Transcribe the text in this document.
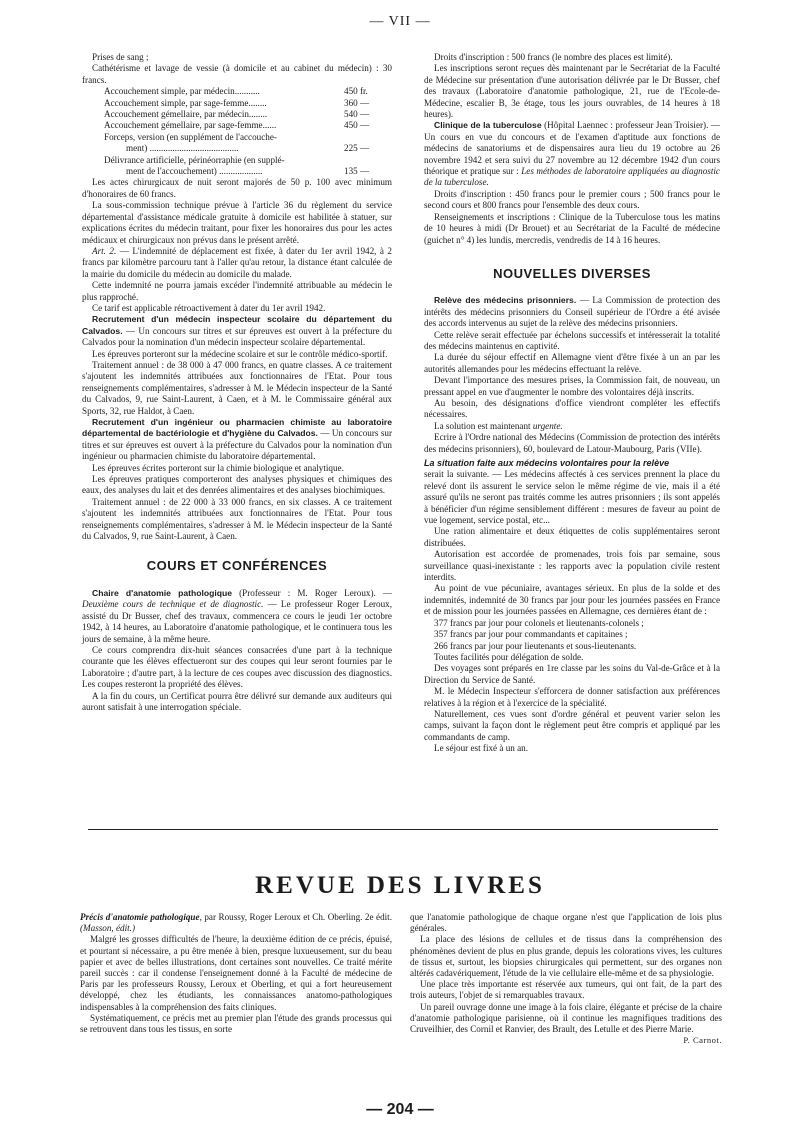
— VII —

Prises de sang ;

Cathétérisme et lavage de vessie (à domicile et au cabinet du médecin) : 30 francs.

Accouchement simple, par médecin...........	450 fr.
Accouchement simple, par sage-femme........	360 —
Accouchement gémellaire, par médecin........	540 —
Accouchement gémellaire, par sage-femme......	450 —
Forceps, version (en supplément de l'accouche-
ment) .......................................	225 —
Délivrance artificielle, périnéorraphie (en supplé-
ment de l'accouchement) ...................	135 —

Les actes chirurgicaux de nuit seront majorés de 50 p. 100 avec minimum d'honoraires de 60 francs.

La sous-commission technique prévue à l'article 36 du règlement du service départemental d'assistance médicale gratuite à domicile est habilitée à statuer, sur explications écrites du médecin traitant, pour fixer les honoraires dus pour les actes médicaux et chirurgicaux non prévus dans le présent arrêté.

Art. 2. — L'indemnité de déplacement est fixée, à dater du 1er avril 1942, à 2 francs par kilomètre parcouru tant à l'aller qu'au retour, la distance étant calculée de la mairie du domicile du médecin au domicile du malade.

Cette indemnité ne pourra jamais excéder l'indemnité attribuable au médecin le plus rapproché.

Ce tarif est applicable rétroactivement à dater du 1er avril 1942.

Recrutement d'un médecin inspecteur scolaire du département du Calvados. — Un concours sur titres et sur épreuves est ouvert à la préfecture du Calvados pour la nomination d'un médecin inspecteur scolaire départemental.

Les épreuves porteront sur la médecine scolaire et sur le contrôle médico-sportif.

Traitement annuel : de 38 000 à 47 000 francs, en quatre classes. A ce traitement s'ajoutent les indemnités attribuées aux fonctionnaires de l'Etat. Pour tous renseignements complémentaires, s'adresser à M. le Médecin inspecteur de la Santé du Calvados, 9, rue Saint-Laurent, à Caen, et à M. le Commissaire général aux Sports, 32, rue Haldot, à Caen.

Recrutement d'un ingénieur ou pharmacien chimiste au laboratoire départemental de bactériologie et d'hygiène du Calvados. — Un concours sur titres et sur épreuves est ouvert à la préfecture du Calvados pour la nomination d'un ingénieur ou pharmacien chimiste du laboratoire départemental.

Les épreuves écrites porteront sur la chimie biologique et analytique.

Les épreuves pratiques comporteront des analyses physiques et chimiques des eaux, des analyses du lait et des denrées alimentaires et des analyses biochimiques.

Traitement annuel : de 22 000 à 33 000 francs, en six classes. A ce traitement s'ajoutent les indemnités attribuées aux fonctionnaires de l'Etat. Pour tous renseignements complémentaires, s'adresser à M. le Médecin inspecteur de la Santé du Calvados, 9, rue Saint-Laurent, à Caen.

COURS ET CONFÉRENCES

Chaire d'anatomie pathologique (Professeur : M. Roger Leroux). — Deuxième cours de technique et de diagnostic. — Le professeur Roger Leroux, assisté du Dr Busser, chef des travaux, commencera ce cours le jeudi 1er octobre 1942, à 14 heures, au Laboratoire d'anatomie pathologique, et le continuera tous les jours de semaine, à la même heure.

Ce cours comprendra dix-huit séances consacrées d'une part à la technique courante que les élèves effectueront sur des coupes qui leur seront fournies par le Laboratoire ; d'autre part, à la lecture de ces coupes avec discussion des diagnostics. Les coupes resteront la propriété des élèves.

A la fin du cours, un Certificat pourra être délivré sur demande aux auditeurs qui auront satisfait à une interrogation spéciale.

Droits d'inscription : 500 francs (le nombre des places est limité).

Les inscriptions seront reçues dès maintenant par le Secrétariat de la Faculté de Médecine sur présentation d'une autorisation délivrée par le Dr Busser, chef des travaux (Laboratoire d'anatomie pathologique, 21, rue de l'Ecole-de-Médecine, escalier B, 3e étage, tous les jours ouvrables, de 14 heures à 18 heures).

Clinique de la tuberculose (Hôpital Laennec : professeur Jean Troisier). — Un cours en vue du concours et de l'examen d'aptitude aux fonctions de médecins de sanatoriums et de dispensaires aura lieu du 19 octobre au 26 novembre 1942 et sera suivi du 27 novembre au 12 décembre 1942 d'un cours théorique et pratique sur : Les méthodes de laboratoire appliquées au diagnostic de la tuberculose.

Droits d'inscription : 450 francs pour le premier cours ; 500 francs pour le second cours et 800 francs pour l'ensemble des deux cours.

Renseignements et inscriptions : Clinique de la Tuberculose tous les matins de 10 heures à midi (Dr Brouet) et au Secrétariat de la Faculté de médecine (guichet n° 4) les lundis, mercredis, vendredis de 14 à 16 heures.

NOUVELLES DIVERSES

Relève des médecins prisonniers. — La Commission de protection des intérêts des médecins prisonniers du Conseil supérieur de l'Ordre a été avisée des accords intervenus au sujet de la relève des médecins prisonniers.

Cette relève serait effectuée par échelons successifs et intéresserait la totalité des médecins maintenus en captivité.

La durée du séjour effectif en Allemagne vient d'être fixée à un an par les autorités allemandes pour les médecins effectuant la relève.

Devant l'importance des mesures prises, la Commission fait, de nouveau, un pressant appel en vue d'augmenter le nombre des volontaires déjà inscrits.

Au besoin, des désignations d'office viendront compléter les effectifs nécessaires.

La solution est maintenant urgente.

Ecrire à l'Ordre national des Médecins (Commission de protection des intérêts des médecins prisonniers), 60, boulevard de Latour-Maubourg, Paris (VIIe).

La situation faite aux médecins volontaires pour la relève

serait la suivante. — Les médecins affectés à ces services prennent la place du relevé dont ils assurent le service selon le même régime de vie, mais il a été assuré qu'ils ne seront pas traités comme les autres prisonniers ; ils sont appelés à bénéficier d'un régime sensiblement différent : mesures de faveur au point de vue logement, service postal, etc...

Une ration alimentaire et deux étiquettes de colis supplémentaires seront distribuées.

Autorisation est accordée de promenades, trois fois par semaine, sous surveillance quasi-inexistante : les rapports avec la population civile restent interdits.

Au point de vue pécuniaire, avantages sérieux. En plus de la solde et des indemnités, indemnité de 30 francs par jour pour les journées passées en France et de mission pour les journées passées en Allemagne, ces dernières étant de :

377 francs par jour pour colonels et lieutenants-colonels ;

357 francs par jour pour commandants et capitaines ;

266 francs par jour pour lieutenants et sous-lieutenants.

Toutes facilités pour délégation de solde.

Des voyages sont préparés en 1re classe par les soins du Val-de-Grâce et à la Direction du Service de Santé.

M. le Médecin Inspecteur s'efforcera de donner satisfaction aux préférences relatives à la région et à l'exercice de la spécialité.

Naturellement, ces vues sont d'ordre général et peuvent varier selon les camps, suivant la façon dont le règlement peut être compris et appliqué par les commandants de camp.

Le séjour est fixé à un an.

REVUE DES LIVRES

Précis d'anatomie pathologique, par Roussy, Roger Leroux et Ch. Oberling. 2e édit. (Masson, édit.)

Malgré les grosses difficultés de l'heure, la deuxième édition de ce précis, épuisé, et pourtant si nécessaire, a pu être menée à bien, presque luxueusement, sur du beau papier et avec de belles illustrations, dont certaines sont nouvelles. Ce traité mérite pareil succès : car il condense l'enseignement donné à la Faculté de médecine de Paris par les professeurs Roussy, Leroux et Oberling, et qui a fort heureusement développé, chez les étudiants, les connaissances anatomo-pathologiques indispensables à la compréhension des faits cliniques.

Systématiquement, ce précis met au premier plan l'étude des grands processus qui se retrouvent dans tous les tissus, en sorte

que l'anatomie pathologique de chaque organe n'est que l'application de lois plus générales.

La place des lésions de cellules et de tissus dans la compréhension des phénomènes devient de plus en plus grande, depuis les colorations vives, les cultures de tissus et, surtout, les biopsies chirurgicales qui permettent, sur des organes non altérés cadavériquement, l'étude de la vie cellulaire elle-même et de sa physiologie.

Une place très importante est réservée aux tumeurs, qui ont fait, de la part des trois auteurs, l'objet de si remarquables travaux.

Un pareil ouvrage donne une image à la fois claire, élégante et précise de la chaire d'anatomie pathologique parisienne, où il continue les magnifiques traditions des Cruveilhier, des Cornil et Ranvier, des Brault, des Letulle et des Pierre Marie.

P. Carnot.
— 204 —
